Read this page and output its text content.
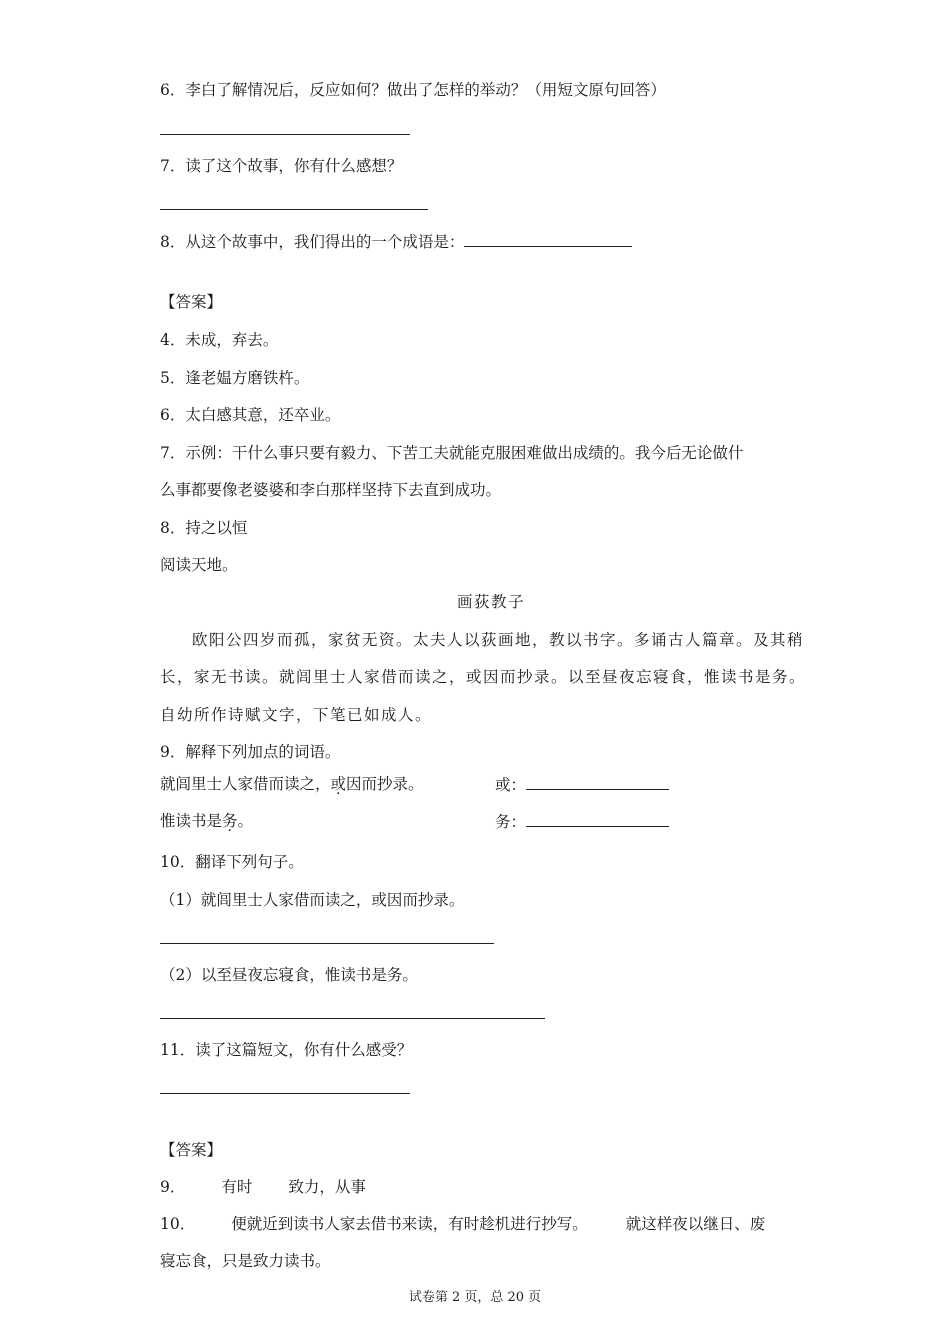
6．李白了解情况后，反应如何？做出了怎样的举动？（用短文原句回答）
7．读了这个故事，你有什么感想？
8．从这个故事中，我们得出的一个成语是：
【答案】
4．未成，弃去。
5．逢老媪方磨铁杵。
6．太白感其意，还卒业。
7．示例：干什么事只要有毅力、下苦工夫就能克服困难做出成绩的。我今后无论做什
么事都要像老婆婆和李白那样坚持下去直到成功。
8．持之以恒
阅读天地。
画荻教子
欧阳公四岁而孤，家贫无资。太夫人以荻画地，教以书字。多诵古人篇章。及其稍
长，家无书读。就闾里士人家借而读之，或因而抄录。以至昼夜忘寝食，惟读书是务。
自幼所作诗赋文字，下笔已如成人。
9．解释下列加点的词语。
就闾里士人家借而读之，或因而抄录。	或：
惟读书是务。	务：
10．翻译下列句子。
（1）就闾里士人家借而读之，或因而抄录。
（2）以至昼夜忘寝食，惟读书是务。
11．读了这篇短文，你有什么感受？
【答案】
9． 有时 致力，从事
10． 便就近到读书人家去借书来读，有时趁机进行抄写。 就这样夜以继日、废
寝忘食，只是致力读书。
试卷第 2 页，总 20 页
